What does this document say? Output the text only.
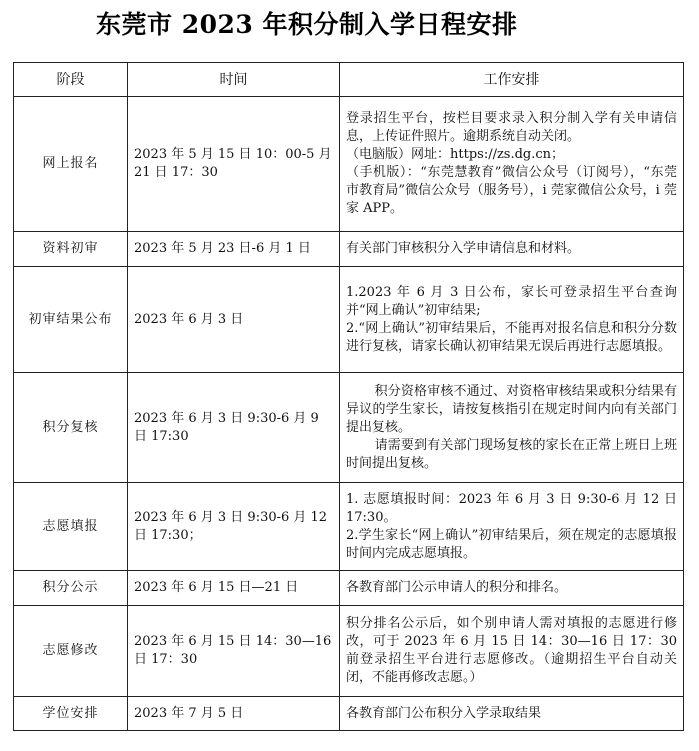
东莞市 2023 年积分制入学日程安排
阶段	时间	工作安排
网上报名	2023 年 5 月 15 日 10：00-5 月 21 日 17：30	登录招生平台，按栏目要求录入积分制入学有关申请信息，上传证件照片。逾期系统自动关闭。
（电脑版）网址：https://zs.dg.cn；
（手机版）：“东莞慧教育”微信公众号（订阅号），“东莞市教育局”微信公众号（服务号），i 莞家微信公众号，i 莞家 APP。

资料初审	2023 年 5 月 23 日-6 月 1 日	有关部门审核积分入学申请信息和材料。

初审结果公布	2023 年 6 月 3 日	1.2023 年 6 月 3 日公布，家长可登录招生平台查询并“网上确认”初审结果;
2.“网上确认”初审结果后，不能再对报名信息和积分分数进行复核，请家长确认初审结果无误后再进行志愿填报。

积分复核	2023 年 6 月 3 日 9:30-6 月 9 日 17:30	积分资格审核不通过、对资格审核结果或积分结果有异议的学生家长，请按复核指引在规定时间内向有关部门提出复核。
请需要到有关部门现场复核的家长在正常上班日上班时间提出复核。

志愿填报	2023 年 6 月 3 日 9:30-6 月 12 日 17:30；	1. 志愿填报时间：2023 年 6 月 3 日 9:30-6 月 12 日 17:30。
2.学生家长“网上确认”初审结果后，须在规定的志愿填报时间内完成志愿填报。

积分公示	2023 年 6 月 15 日—21 日	各教育部门公示申请人的积分和排名。

志愿修改	2023 年 6 月 15 日 14：30—16 日 17：30	积分排名公示后，如个别申请人需对填报的志愿进行修改，可于 2023 年 6 月 15 日 14：30—16 日 17：30 前登录招生平台进行志愿修改。（逾期招生平台自动关闭，不能再修改志愿。）

学位安排	2023 年 7 月 5 日	各教育部门公布积分入学录取结果
